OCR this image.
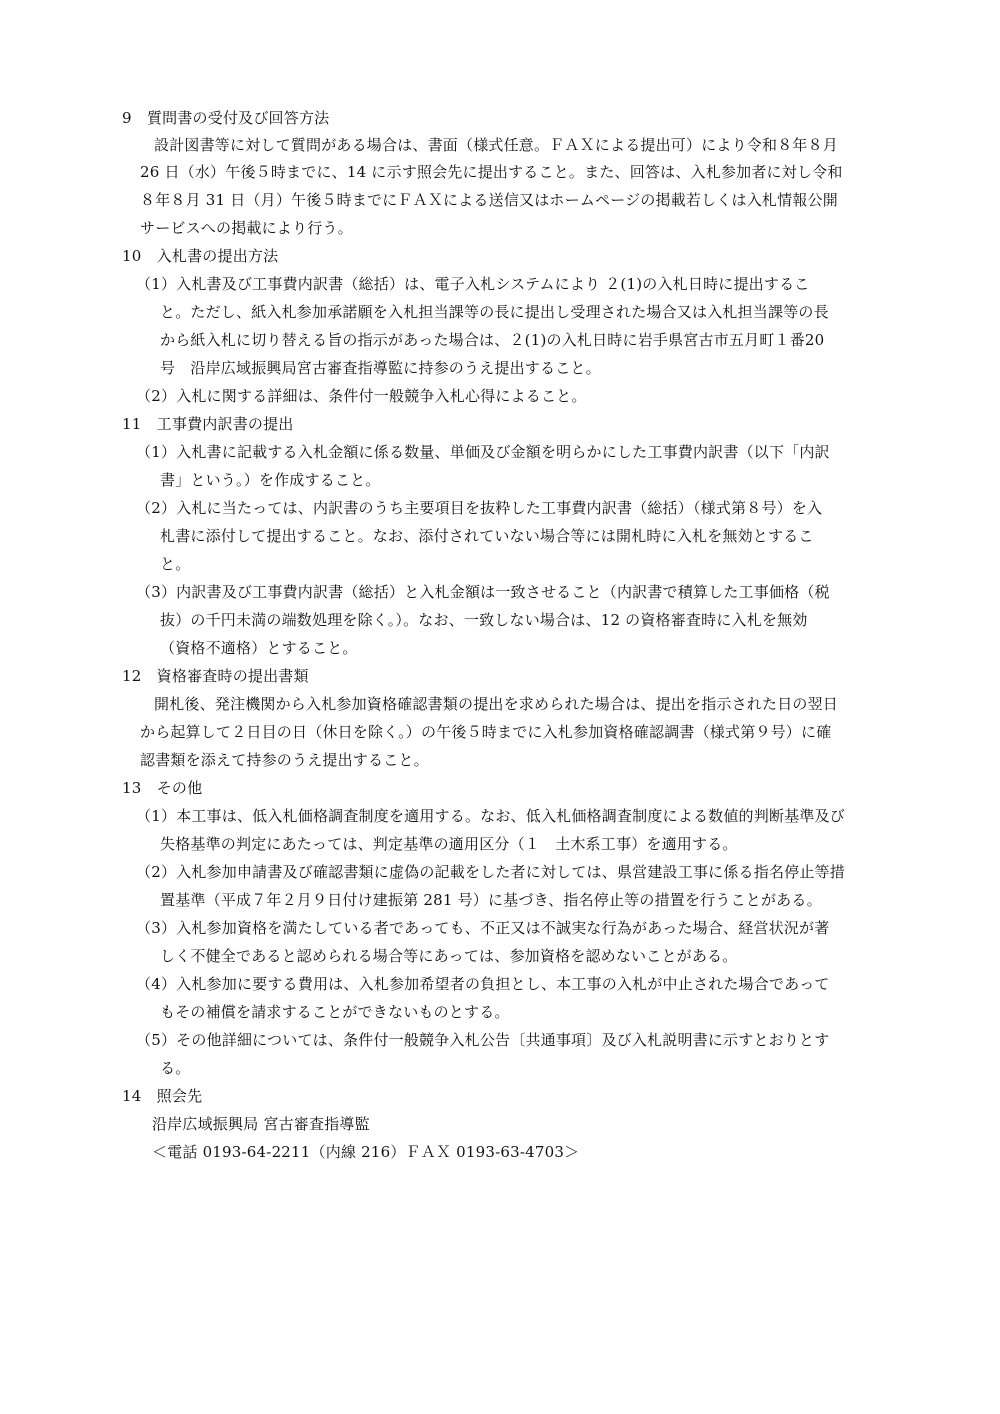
9　質問書の受付及び回答方法
設計図書等に対して質問がある場合は、書面（様式任意。ＦＡＸによる提出可）により令和８年８月
26 日（水）午後５時までに、14 に示す照会先に提出すること。また、回答は、入札参加者に対し令和
８年８月 31 日（月）午後５時までにＦＡＸによる送信又はホームページの掲載若しくは入札情報公開
サービスへの掲載により行う。
10　入札書の提出方法
（1）入札書及び工事費内訳書（総括）は、電子入札システムにより ２(1)の入札日時に提出するこ
と。ただし、紙入札参加承諾願を入札担当課等の長に提出し受理された場合又は入札担当課等の長
から紙入札に切り替える旨の指示があった場合は、２(1)の入札日時に岩手県宮古市五月町１番20
号　沿岸広域振興局宮古審査指導監に持参のうえ提出すること。
（2）入札に関する詳細は、条件付一般競争入札心得によること。
11　工事費内訳書の提出
（1）入札書に記載する入札金額に係る数量、単価及び金額を明らかにした工事費内訳書（以下「内訳
書」という。）を作成すること。
（2）入札に当たっては、内訳書のうち主要項目を抜粋した工事費内訳書（総括）（様式第８号）を入
札書に添付して提出すること。なお、添付されていない場合等には開札時に入札を無効とするこ
と。
（3）内訳書及び工事費内訳書（総括）と入札金額は一致させること（内訳書で積算した工事価格（税
抜）の千円未満の端数処理を除く。）。なお、一致しない場合は、12 の資格審査時に入札を無効
（資格不適格）とすること。
12　資格審査時の提出書類
開札後、発注機関から入札参加資格確認書類の提出を求められた場合は、提出を指示された日の翌日
から起算して２日目の日（休日を除く。）の午後５時までに入札参加資格確認調書（様式第９号）に確
認書類を添えて持参のうえ提出すること。
13　その他
（1）本工事は、低入札価格調査制度を適用する。なお、低入札価格調査制度による数値的判断基準及び
失格基準の判定にあたっては、判定基準の適用区分（１　土木系工事）を適用する。
（2）入札参加申請書及び確認書類に虚偽の記載をした者に対しては、県営建設工事に係る指名停止等措
置基準（平成７年２月９日付け建振第 281 号）に基づき、指名停止等の措置を行うことがある。
（3）入札参加資格を満たしている者であっても、不正又は不誠実な行為があった場合、経営状況が著
しく不健全であると認められる場合等にあっては、参加資格を認めないことがある。
（4）入札参加に要する費用は、入札参加希望者の負担とし、本工事の入札が中止された場合であって
もその補償を請求することができないものとする。
（5）その他詳細については、条件付一般競争入札公告〔共通事項〕及び入札説明書に示すとおりとす
る。
14　照会先
沿岸広域振興局 宮古審査指導監
＜電話 0193-64-2211（内線 216）ＦＡＸ 0193-63-4703＞
